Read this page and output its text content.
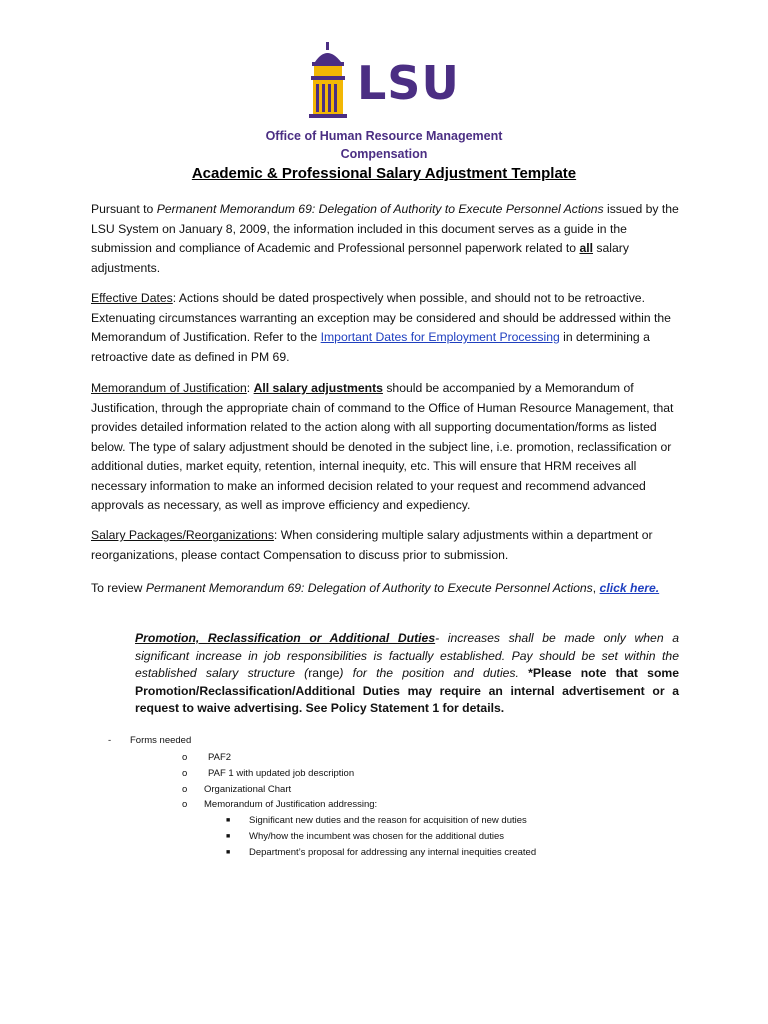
LSU
Office of Human Resource Management
Compensation
Academic & Professional Salary Adjustment Template
Pursuant to Permanent Memorandum 69: Delegation of Authority to Execute Personnel Actions issued by the LSU System on January 8, 2009, the information included in this document serves as a guide in the submission and compliance of Academic and Professional personnel paperwork related to all salary adjustments.
Effective Dates: Actions should be dated prospectively when possible, and should not to be retroactive. Extenuating circumstances warranting an exception may be considered and should be addressed within the Memorandum of Justification. Refer to the Important Dates for Employment Processing in determining a retroactive date as defined in PM 69.
Memorandum of Justification: All salary adjustments should be accompanied by a Memorandum of Justification, through the appropriate chain of command to the Office of Human Resource Management, that provides detailed information related to the action along with all supporting documentation/forms as listed below. The type of salary adjustment should be denoted in the subject line, i.e. promotion, reclassification or additional duties, market equity, retention, internal inequity, etc. This will ensure that HRM receives all necessary information to make an informed decision related to your request and recommend advanced approvals as necessary, as well as improve efficiency and expediency.
Salary Packages/Reorganizations: When considering multiple salary adjustments within a department or reorganizations, please contact Compensation to discuss prior to submission.
To review Permanent Memorandum 69: Delegation of Authority to Execute Personnel Actions, click here.
Promotion, Reclassification or Additional Duties- increases shall be made only when a significant increase in job responsibilities is factually established. Pay should be set within the established salary structure (range) for the position and duties. *Please note that some Promotion/Reclassification/Additional Duties may require an internal advertisement or a request to waive advertising. See Policy Statement 1 for details.
- Forms needed
o PAF2
o PAF 1 with updated job description
o Organizational Chart
o Memorandum of Justification addressing:
■ Significant new duties and the reason for acquisition of new duties
■ Why/how the incumbent was chosen for the additional duties
■ Department’s proposal for addressing any internal inequities created
